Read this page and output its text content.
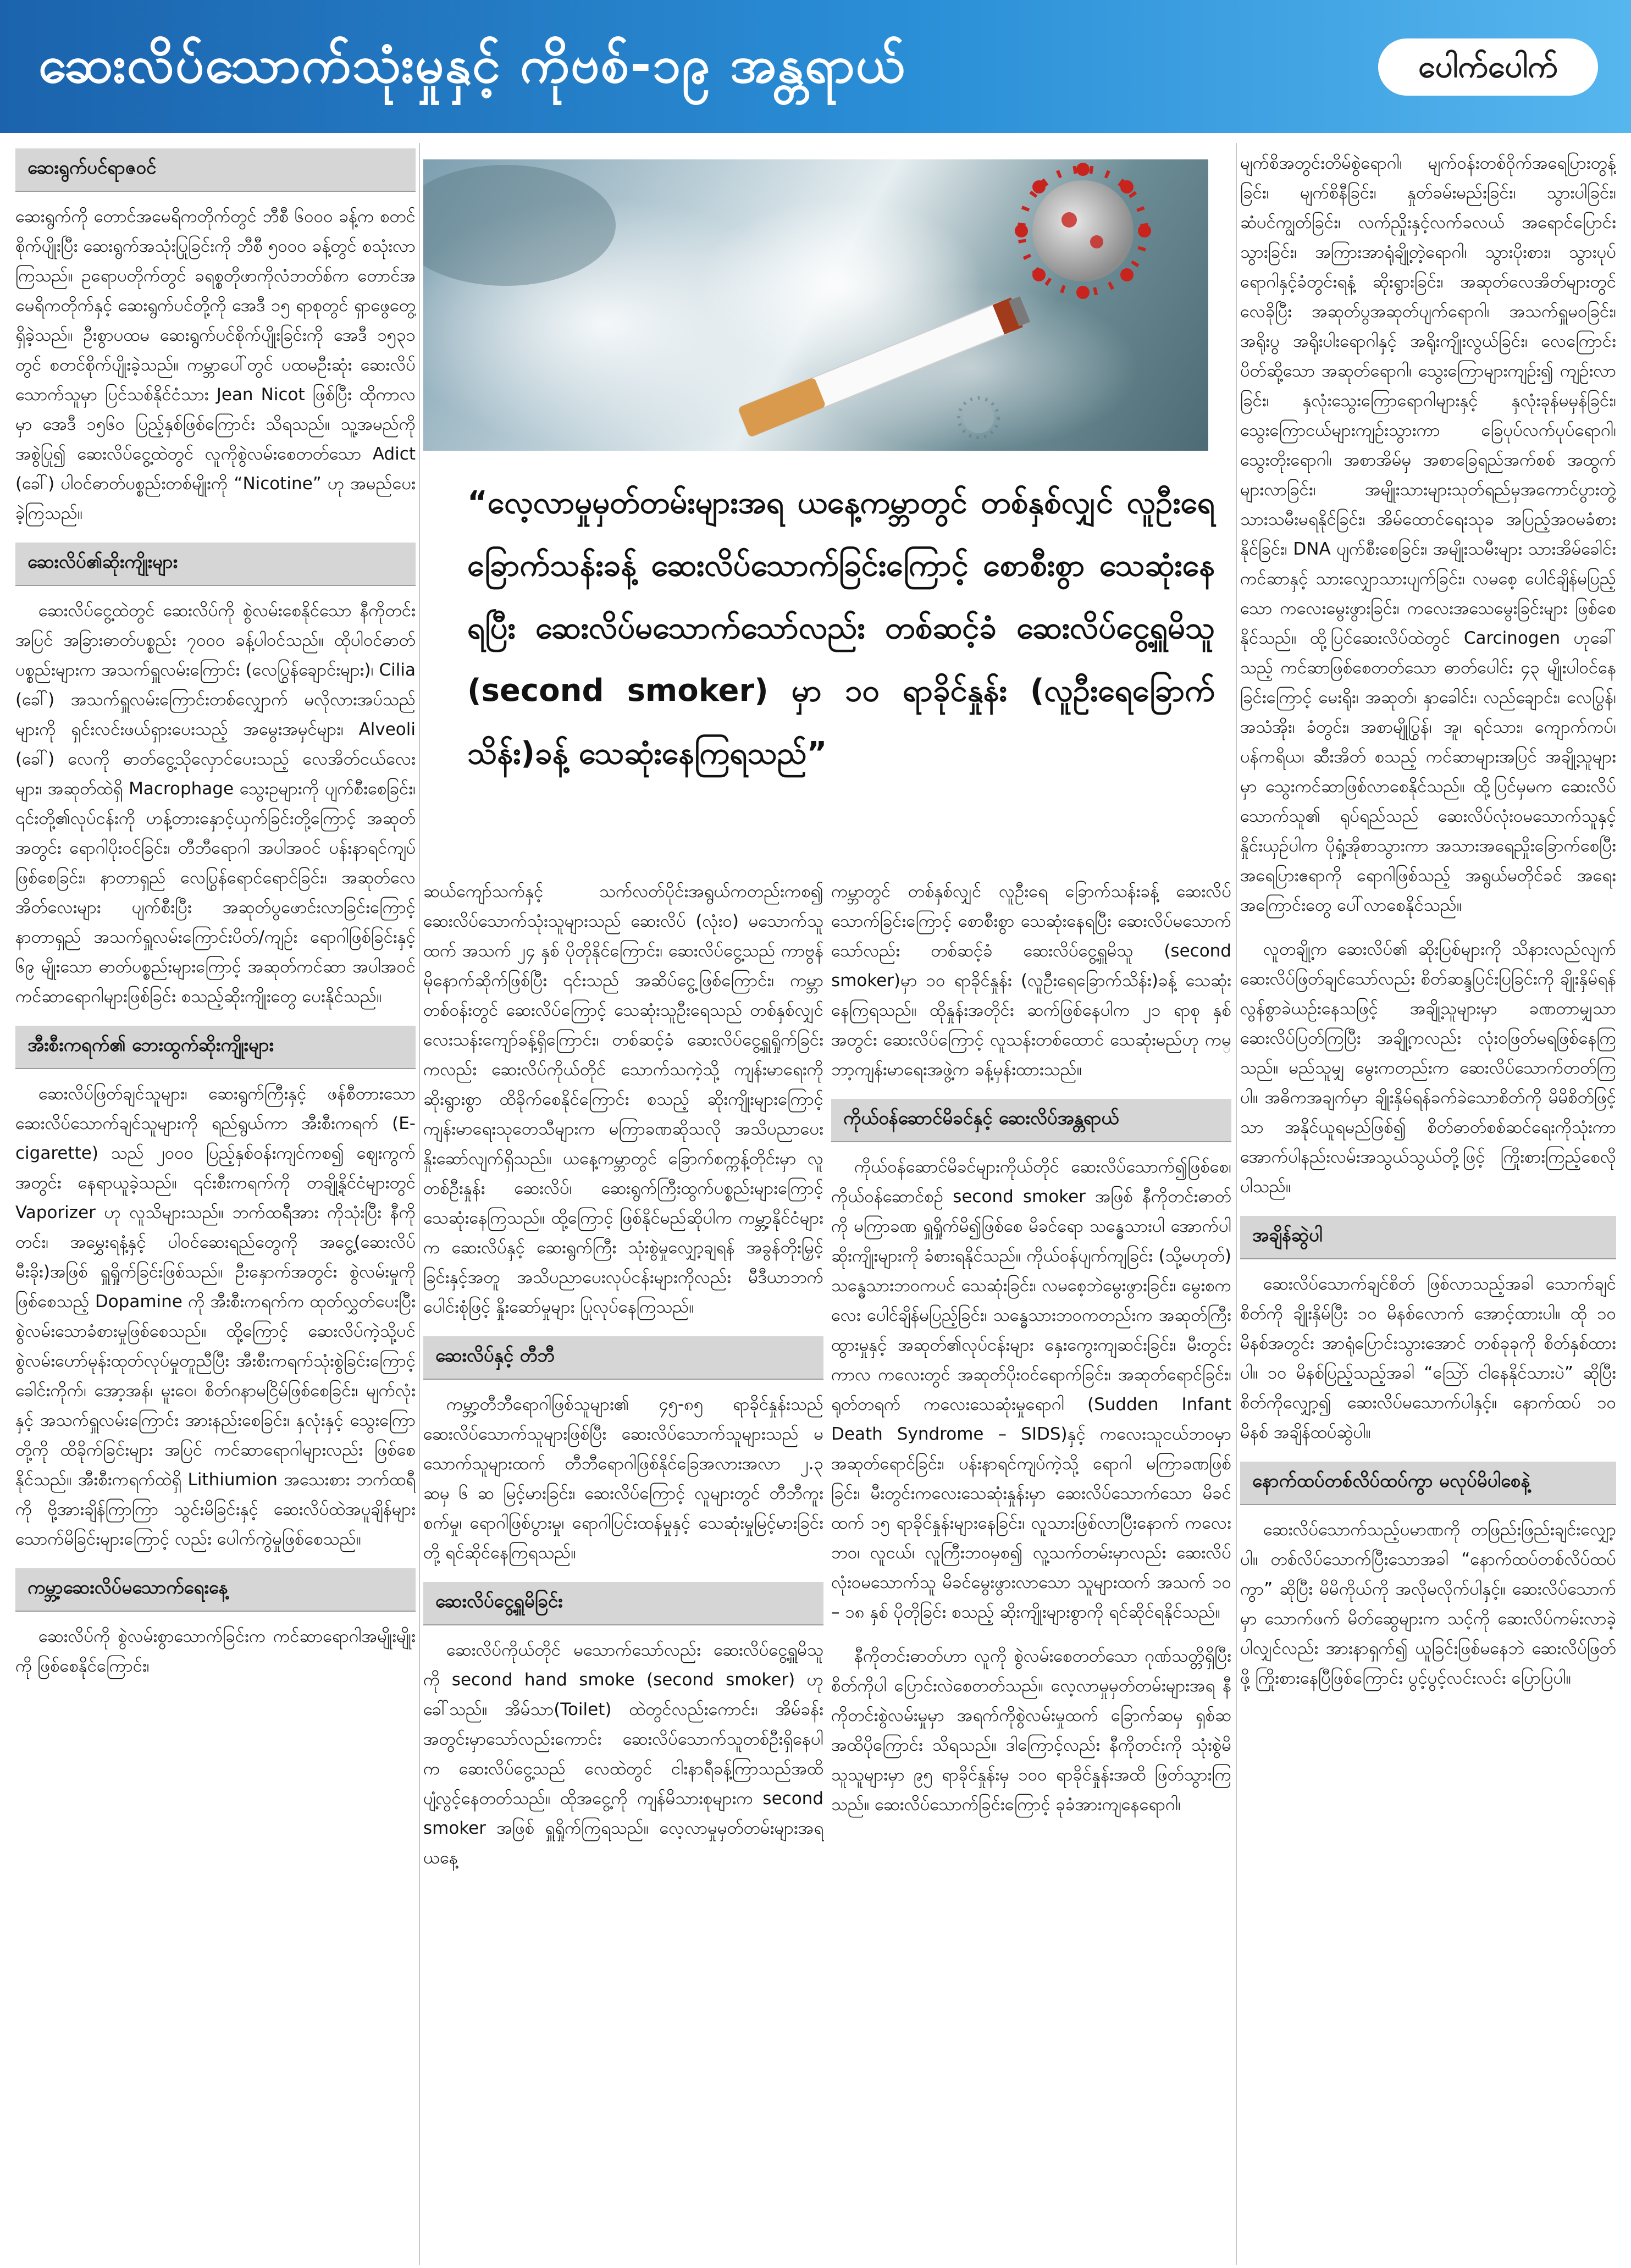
ဆေးလိပ်သောက်သုံးမှုနှင့် ကိုဗစ်-၁၉ အန္တရာယ်	ပေါက်ပေါက်
ဆေးရွက်ပင်ရာဇဝင်

ဆေးရွက်ကို တောင်အမေရိကတိုက်တွင် ဘီစီ ၆၀၀၀ ခန့်က စတင်စိုက်ပျိုးပြီး ဆေးရွက်အသုံးပြုခြင်းကို ဘီစီ ၅၀၀၀ ခန့်တွင် စသုံးလာကြသည်။ ဥရောပတိုက်တွင် ခရစ္စတိုဖာကိုလံဘတ်စ်က တောင်အမေရိကတိုက်နှင့် ဆေးရွက်ပင်တို့ကို အေဒီ ၁၅ ရာစုတွင် ရှာဖွေတွေ့ရှိခဲ့သည်။ ဦးစွာပထမ ဆေးရွက်ပင်စိုက်ပျိုးခြင်းကို အေဒီ ၁၅၃၁ တွင် စတင်စိုက်ပျိုးခဲ့သည်။ ကမ္ဘာပေါ်တွင် ပထမဦးဆုံး ဆေးလိပ်သောက်သူမှာ ပြင်သစ်နိုင်ငံသား Jean Nicot ဖြစ်ပြီး ထိုကာလမှာ အေဒီ ၁၅၆၀ ပြည့်နှစ်ဖြစ်ကြောင်း သိရသည်။ သူ့အမည်ကို အစွဲပြု၍ ဆေးလိပ်ငွေ့ထဲတွင် လူကိုစွဲလမ်းစေတတ်သော Adict (ခေါ်) ပါဝင်ဓာတ်ပစ္စည်းတစ်မျိုးကို “Nicotine” ဟု အမည်ပေးခဲ့ကြသည်။

ဆေးလိပ်၏ဆိုးကျိုးများ

ဆေးလိပ်ငွေ့ထဲတွင် ဆေးလိပ်ကို စွဲလမ်းစေနိုင်သော နီကိုတင်းအပြင် အခြားဓာတ်ပစ္စည်း ၇၀၀၀ ခန့်ပါဝင်သည်။ ထိုပါဝင်ဓာတ်ပစ္စည်းများက အသက်ရှူလမ်းကြောင်း (လေပြွန်ချောင်းများ)၊ Cilia (ခေါ်) အသက်ရှူလမ်းကြောင်းတစ်လျှောက် မလိုလားအပ်သည်များကို ရှင်းလင်းဖယ်ရှားပေးသည့် အမွေးအမှင်များ၊ Alveoli (ခေါ်) လေကို ဓာတ်ငွေ့သိုလှောင်ပေးသည့် လေအိတ်ငယ်လေးများ၊ အဆုတ်ထဲရှိ Macrophage သွေးဥများကို ပျက်စီးစေခြင်း၊ ၎င်းတို့၏လုပ်ငန်းကို ဟန့်တားနှောင့်ယှက်ခြင်းတို့ကြောင့် အဆုတ်အတွင်း ရောဂါပိုးဝင်ခြင်း၊ တီဘီရောဂါ အပါအဝင် ပန်းနာရင်ကျပ်ဖြစ်စေခြင်း၊ နာတာရှည် လေပြွန်ရောင်ရောင်ခြင်း၊ အဆုတ်လေအိတ်လေးများ ပျက်စီးပြီး အဆုတ်ပွဖောင်းလာခြင်းကြောင့် နာတာရှည် အသက်ရှူလမ်းကြောင်းပိတ်/ကျဉ်း ရောဂါဖြစ်ခြင်းနှင့် ၆၉ မျိုးသော ဓာတ်ပစ္စည်းများကြောင့် အဆုတ်ကင်ဆာ အပါအဝင် ကင်ဆာရောဂါများဖြစ်ခြင်း စသည့်ဆိုးကျိုးတွေ ပေးနိုင်သည်။

အီးစီးကရက်၏ ဘေးထွက်ဆိုးကျိုးများ

ဆေးလိပ်ဖြတ်ချင်သူများ၊ ဆေးရွက်ကြီးနှင့် ဖန်စီတားသော ဆေးလိပ်သောက်ချင်သူများကို ရည်ရွယ်ကာ အီးစီးကရက် (E-cigarette) သည် ၂၀၀၀ ပြည့်နှစ်ဝန်းကျင်ကစ၍ ဈေးကွက်အတွင်း နေရာယူခဲ့သည်။ ၎င်းစီးကရက်ကို တချို့နိုင်ငံများတွင် Vaporizer ဟု လူသိများသည်။ ဘက်ထရီအား ကိုသုံးပြီး နီကိုတင်း၊ အမွှေးရနံ့နှင့် ပါဝင်ဆေးရည်တွေကို အငွေ့(ဆေးလိပ်မီးခိုး)အဖြစ် ရှူရှိုက်ခြင်းဖြစ်သည်။ ဦးနှောက်အတွင်း စွဲလမ်းမှုကိုဖြစ်စေသည့် Dopamine ကို အီးစီးကရက်က ထုတ်လွှတ်ပေးပြီး စွဲလမ်းသောခံစားမှုဖြစ်စေသည်။ ထို့ကြောင့် ဆေးလိပ်ကဲ့သို့ပင် စွဲလမ်းဟော်မုန်းထုတ်လုပ်မှုတူညီပြီး အီးစီးကရက်သုံးစွဲခြင်းကြောင့် ခေါင်းကိုက်၊ အော့အန်၊ မူးဝေ၊ စိတ်ဂနာမငြိမ်ဖြစ်စေခြင်း၊ မျက်လုံးနှင့် အသက်ရှူလမ်းကြောင်း အားနည်းစေခြင်း၊ နှလုံးနှင့် သွေးကြောတို့ကို ထိခိုက်ခြင်းများ အပြင် ကင်ဆာရောဂါများလည်း ဖြစ်စေနိုင်သည်။ အီးစီးကရက်ထဲရှိ Lithiumion အသေးစား ဘက်ထရီကို ဗို့အားချိန်ကြာကြာ သွင်းမိခြင်းနှင့် ဆေးလိပ်ထဲအပူချိန်များ သောက်မိခြင်းများကြောင့် လည်း ပေါက်ကွဲမှုဖြစ်စေသည်။

ကမ္ဘာ့ဆေးလိပ်မသောက်ရေးနေ့

ဆေးလိပ်ကို စွဲလမ်းစွာသောက်ခြင်းက ကင်ဆာရောဂါအမျိုးမျိုးကို ဖြစ်စေနိုင်ကြောင်း၊

“လေ့လာမှုမှတ်တမ်းများအရ ယနေ့ကမ္ဘာတွင် တစ်နှစ်လျှင် လူဦးရေခြောက်သန်းခန့် ဆေးလိပ်သောက်ခြင်းကြောင့် စောစီးစွာ သေဆုံးနေရပြီး ဆေးလိပ်မသောက်သော်လည်း တစ်ဆင့်ခံ ဆေးလိပ်ငွေ့ရှူမိသူ (second smoker) မှာ ၁၀ ရာခိုင်နှုန်း (လူဦးရေခြောက်သိန်း)ခန့် သေဆုံးနေကြရသည်”

ဆယ်ကျော်သက်နှင့် သက်လတ်ပိုင်းအရွယ်ကတည်းကစ၍ ဆေးလိပ်သောက်သုံးသူများသည် ဆေးလိပ် (လုံးဝ) မသောက်သူထက် အသက် ၂၄ နှစ် ပိုတိုနိုင်ကြောင်း၊ ဆေးလိပ်ငွေ့သည် ကာဗွန်မိုနောက်ဆိုက်ဖြစ်ပြီး ၎င်းသည် အဆိပ်ငွေ့ဖြစ်ကြောင်း၊ ကမ္ဘာတစ်ဝန်းတွင် ဆေးလိပ်ကြောင့် သေဆုံးသူဦးရေသည် တစ်နှစ်လျှင် လေးသန်းကျော်ခန့်ရှိကြောင်း၊ တစ်ဆင့်ခံ ဆေးလိပ်ငွေ့ရှူရှိုက်ခြင်းကလည်း ဆေးလိပ်ကိုယ်တိုင် သောက်သကဲ့သို့ ကျန်းမာရေးကို ဆိုးရွားစွာ ထိခိုက်စေနိုင်ကြောင်း စသည့် ဆိုးကျိုးများကြောင့် ကျန်းမာရေးသုတေသီများက မကြာခဏဆိုသလို အသိပညာပေး နှိုးဆော်လျက်ရှိသည်။ ယနေ့ကမ္ဘာတွင် ခြောက်စက္ကန့်တိုင်းမှာ လူတစ်ဦးနှုန်း ဆေးလိပ်၊ ဆေးရွက်ကြီးထွက်ပစ္စည်းများကြောင့် သေဆုံးနေကြသည်။ ထို့ကြောင့် ဖြစ်နိုင်မည်ဆိုပါက ကမ္ဘာ့နိုင်ငံများက ဆေးလိပ်နှင့် ဆေးရွက်ကြီး သုံးစွဲမှုလျှော့ချရန် အခွန်တိုးမြှင့်ခြင်းနှင့်အတူ အသိပညာပေးလုပ်ငန်းများကိုလည်း မီဒီယာဘက်ပေါင်းစုံဖြင့် နှိုးဆော်မှုများ ပြုလုပ်နေကြသည်။

ဆေးလိပ်နှင့် တီဘီ

ကမ္ဘာ့တီဘီရောဂါဖြစ်သူများ၏ ၄၅-၈၅ ရာခိုင်နှုန်းသည် ဆေးလိပ်သောက်သူများဖြစ်ပြီး ဆေးလိပ်သောက်သူများသည် မသောက်သူများထက် တီဘီရောဂါဖြစ်နိုင်ခြေအလားအလာ ၂.၃ ဆမှ ၆ ဆ မြင့်မားခြင်း၊ ဆေးလိပ်ကြောင့် လူများတွင် တီဘီကူးစက်မှု၊ ရောဂါဖြစ်ပွားမှု၊ ရောဂါပြင်းထန်မှုနှင့် သေဆုံးမှုမြင့်မားခြင်းတို့ ရင်ဆိုင်နေကြရသည်။

ဆေးလိပ်ငွေ့ရှူမိခြင်း

ဆေးလိပ်ကိုယ်တိုင် မသောက်သော်လည်း ဆေးလိပ်ငွေ့ရှူမိသူကို second hand smoke (second smoker) ဟု ခေါ်သည်။ အိမ်သာ(Toilet) ထဲတွင်လည်းကောင်း၊ အိမ်ခန်းအတွင်းမှာသော်လည်းကောင်း ဆေးလိပ်သောက်သူတစ်ဦးရှိနေပါက ဆေးလိပ်ငွေ့သည် လေထဲတွင် ငါးနာရီခန့်ကြာသည်အထိ ပျံ့လွင့်နေတတ်သည်။ ထိုအငွေ့ကို ကျန်မိသားစုများက second smoker အဖြစ် ရှူရှိုက်ကြရသည်။ လေ့လာမှုမှတ်တမ်းများအရ ယနေ့

ကမ္ဘာတွင် တစ်နှစ်လျှင် လူဦးရေ ခြောက်သန်းခန့် ဆေးလိပ်သောက်ခြင်းကြောင့် စောစီးစွာ သေဆုံးနေရပြီး ဆေးလိပ်မသောက်သော်လည်း တစ်ဆင့်ခံ ဆေးလိပ်ငွေ့ရှူမိသူ (second smoker)မှာ ၁၀ ရာခိုင်နှုန်း (လူဦးရေခြောက်သိန်း)ခန့် သေဆုံးနေကြရသည်။ ထိုနှုန်းအတိုင်း ဆက်ဖြစ်နေပါက ၂၁ ရာစု နှစ်အတွင်း ဆေးလိပ်ကြောင့် လူသန်းတစ်ထောင် သေဆုံးမည်ဟု ကမ္ဘာ့ကျန်းမာရေးအဖွဲ့က ခန့်မှန်းထားသည်။

ကိုယ်ဝန်ဆောင်မိခင်နှင့် ဆေးလိပ်အန္တရာယ်

ကိုယ်ဝန်ဆောင်မိခင်များကိုယ်တိုင် ဆေးလိပ်သောက်၍ဖြစ်စေ၊ ကိုယ်ဝန်ဆောင်စဉ် second smoker အဖြစ် နီကိုတင်းဓာတ်ကို မကြာခဏ ရှူရှိုက်မိ၍ဖြစ်စေ မိခင်ရော သန္ဓေသားပါ အောက်ပါ ဆိုးကျိုးများကို ခံစားရနိုင်သည်။ ကိုယ်ဝန်ပျက်ကျခြင်း (သို့မဟုတ်) သန္ဓေသားဘဝကပင် သေဆုံးခြင်း၊ လမစေ့ဘဲမွေးဖွားခြင်း၊ မွေးစကလေး ပေါင်ချိန်မပြည့်ခြင်း၊ သန္ဓေသားဘဝကတည်းက အဆုတ်ကြီးထွားမှုနှင့် အဆုတ်၏လုပ်ငန်းများ နှေးကွေးကျဆင်းခြင်း၊ မီးတွင်းကာလ ကလေးတွင် အဆုတ်ပိုးဝင်ရောက်ခြင်း၊ အဆုတ်ရောင်ခြင်း၊ ရုတ်တရက် ကလေးသေဆုံးမှုရောဂါ (Sudden Infant Death Syndrome – SIDS)နှင့် ကလေးသူငယ်ဘဝမှာ အဆုတ်ရောင်ခြင်း၊ ပန်းနာရင်ကျပ်ကဲ့သို့ ရောဂါ မကြာခဏဖြစ်ခြင်း၊ မီးတွင်းကလေးသေဆုံးနှုန်းမှာ ဆေးလိပ်သောက်သော မိခင်ထက် ၁၅ ရာခိုင်နှုန်းများနေခြင်း၊ လူသားဖြစ်လာပြီးနောက် ကလေးဘဝ၊ လူငယ်၊ လူကြီးဘဝမှစ၍ လူ့သက်တမ်းမှာလည်း ဆေးလိပ်လုံးဝမသောက်သူ မိခင်မွေးဖွားလာသော သူများထက် အသက် ၁၀ – ၁၈ နှစ် ပိုတိုခြင်း စသည့် ဆိုးကျိုးများစွာကို ရင်ဆိုင်ရနိုင်သည်။

နီကိုတင်းဓာတ်ဟာ လူကို စွဲလမ်းစေတတ်သော ဂုဏ်သတ္တိရှိပြီး စိတ်ကိုပါ ပြောင်းလဲစေတတ်သည်။ လေ့လာမှုမှတ်တမ်းများအရ နီကိုတင်းစွဲလမ်းမှုမှာ အရက်ကိုစွဲလမ်းမှုထက် ခြောက်ဆမှ ရှစ်ဆအထိပိုကြောင်း သိရသည်။ ဒါကြောင့်လည်း နီကိုတင်းကို သုံးစွဲမိသူသူများမှာ ၉၅ ရာခိုင်နှုန်းမှ ၁၀၀ ရာခိုင်နှုန်းအထိ ဖြတ်သွားကြသည်။ ဆေးလိပ်သောက်ခြင်းကြောင့် ခုခံအားကျနေရောဂါ၊

မျက်စိအတွင်းတိမ်စွဲရောဂါ၊ မျက်ဝန်းတစ်ဝိုက်အရေပြားတွန့်ခြင်း၊ မျက်စိနီခြင်း၊ နှုတ်ခမ်းမည်းခြင်း၊ သွားပါခြင်း၊ ဆံပင်ကျွတ်ခြင်း၊ လက်ညှိုးနှင့်လက်ခလယ် အရောင်ပြောင်းသွားခြင်း၊ အကြားအာရုံချို့တဲ့ရောဂါ၊ သွားပိုးစား၊ သွားပုပ်ရောဂါနှင့်ခံတွင်းရနံ့ ဆိုးရွားခြင်း၊ အဆုတ်လေအိတ်များတွင် လေခိုပြီး အဆုတ်ပွအဆုတ်ပျက်ရောဂါ၊ အသက်ရှူမဝခြင်း၊ အရိုးပွ အရိုးပါးရောဂါနှင့် အရိုးကျိုးလွယ်ခြင်း၊ လေကြောင်းပိတ်ဆို့သော အဆုတ်ရောဂါ၊ သွေးကြောများကျဉ်း၍ ကျဉ်းလာခြင်း၊ နှလုံးသွေးကြောရောဂါများနှင့် နှလုံးခုန်မမှန်ခြင်း၊ သွေးကြောငယ်များကျဉ်းသွားကာ ခြေပုပ်လက်ပုပ်ရောဂါ၊ သွေးတိုးရောဂါ၊ အစာအိမ်မှ အစာခြေရည်အက်စစ် အထွက်များလာခြင်း၊ အမျိုးသားများသုတ်ရည်မှအကောင်ပွားတွဲ့ သားသမီးမရနိုင်ခြင်း၊ အိမ်ထောင်ရေးသုခ အပြည့်အဝမခံစားနိုင်ခြင်း၊ DNA ပျက်စီးစေခြင်း၊ အမျိုးသမီးများ သားအိမ်ခေါင်းကင်ဆာနှင့် သားလျှောသားပျက်ခြင်း၊ လမစေ့ ပေါင်ချိန်မပြည့်သော ကလေးမွေးဖွားခြင်း၊ ကလေးအသေမွေးခြင်းများ ဖြစ်စေနိုင်သည်။ ထို့ပြင်ဆေးလိပ်ထဲတွင် Carcinogen ဟုခေါ်သည့် ကင်ဆာဖြစ်စေတတ်သော ဓာတ်ပေါင်း ၄၃ မျိုးပါဝင်နေခြင်းကြောင့် မေးရိုး၊ အဆုတ်၊ နှာခေါင်း၊ လည်ချောင်း၊ လေပြွန်၊ အသံအိုး၊ ခံတွင်း၊ အစာမျိုပြွန်၊ အူ၊ ရင်သား၊ ကျောက်ကပ်၊ ပန်ကရိယ၊ ဆီးအိတ် စသည့် ကင်ဆာများအပြင် အချို့သူများမှာ သွေးကင်ဆာဖြစ်လာစေနိုင်သည်။ ထို့ပြင်မှမက ဆေးလိပ်သောက်သူ၏ ရုပ်ရည်သည် ဆေးလိပ်လုံးဝမသောက်သူနှင့် နှိုင်းယှဉ်ပါက ပိုရှုံ့အိုစာသွားကာ အသားအရေညှိုးခြောက်စေပြီး အရေပြားဧရာကို ရောဂါဖြစ်သည့် အရွယ်မတိုင်ခင် အရေးအကြောင်းတွေ ပေါ်လာစေနိုင်သည်။

လူတချို့က ဆေးလိပ်၏ ဆိုးပြစ်များကို သိနားလည်လျက် ဆေးလိပ်ဖြတ်ချင်သော်လည်း စိတ်ဆန္ဒပြင်းပြခြင်းကို ချိုးနှိမ်ရန် လွန်စွာခဲယဉ်းနေသဖြင့် အချို့သူများမှာ ခဏတာမျှသာ ဆေးလိပ်ပြတ်ကြပြီး အချို့ကလည်း လုံးဝဖြတ်မရဖြစ်နေကြသည်။ မည်သူမျှ မွေးကတည်းက ဆေးလိပ်သောက်တတ်ကြပါ။ အဓိကအချက်မှာ ချိုးနှိမ်ရန်ခက်ခဲသောစိတ်ကို မိမိစိတ်ဖြင့်သာ အနိုင်ယူရမည်ဖြစ်၍ စိတ်ဓာတ်စစ်ဆင်ရေးကိုသုံးကာ အောက်ပါနည်းလမ်းအသွယ်သွယ်တို့ဖြင့် ကြိုးစားကြည့်စေလိုပါသည်။

အချိန်ဆွဲပါ

ဆေးလိပ်သောက်ချင်စိတ် ဖြစ်လာသည့်အခါ သောက်ချင်စိတ်ကို ချိုးနှိမ်ပြီး ၁၀ မိနစ်လောက် အောင့်ထားပါ။ ထို ၁၀ မိနစ်အတွင်း အာရုံပြောင်းသွားအောင် တစ်ခုခုကို စိတ်နှစ်ထားပါ။ ၁၀ မိနစ်ပြည့်သည့်အခါ “ဩော် ငါနေနိုင်သားပဲ” ဆိုပြီး စိတ်ကိုလျှော့၍ ဆေးလိပ်မသောက်ပါနှင့်။ နောက်ထပ် ၁၀ မိနစ် အချိန်ထပ်ဆွဲပါ။

နောက်ထပ်တစ်လိပ်ထပ်ကွာ မလုပ်မိပါစေနဲ့

ဆေးလိပ်သောက်သည့်ပမာဏကို တဖြည်းဖြည်းချင်းလျှော့ပါ။ တစ်လိပ်သောက်ပြီးသောအခါ “နောက်ထပ်တစ်လိပ်ထပ်ကွာ” ဆိုပြီး မိမိကိုယ်ကို အလိုမလိုက်ပါနှင့်။ ဆေးလိပ်သောက်မှာ သောက်ဖက် မိတ်ဆွေများက သင့်ကို ဆေးလိပ်ကမ်းလာခဲ့ပါလျှင်လည်း အားနာရှက်၍ ယူခြင်းဖြစ်မနေဘဲ ဆေးလိပ်ဖြတ်ဖို့ ကြိုးစားနေပြီဖြစ်ကြောင်း ပွင့်ပွင့်လင်းလင်း ပြောပြပါ။
